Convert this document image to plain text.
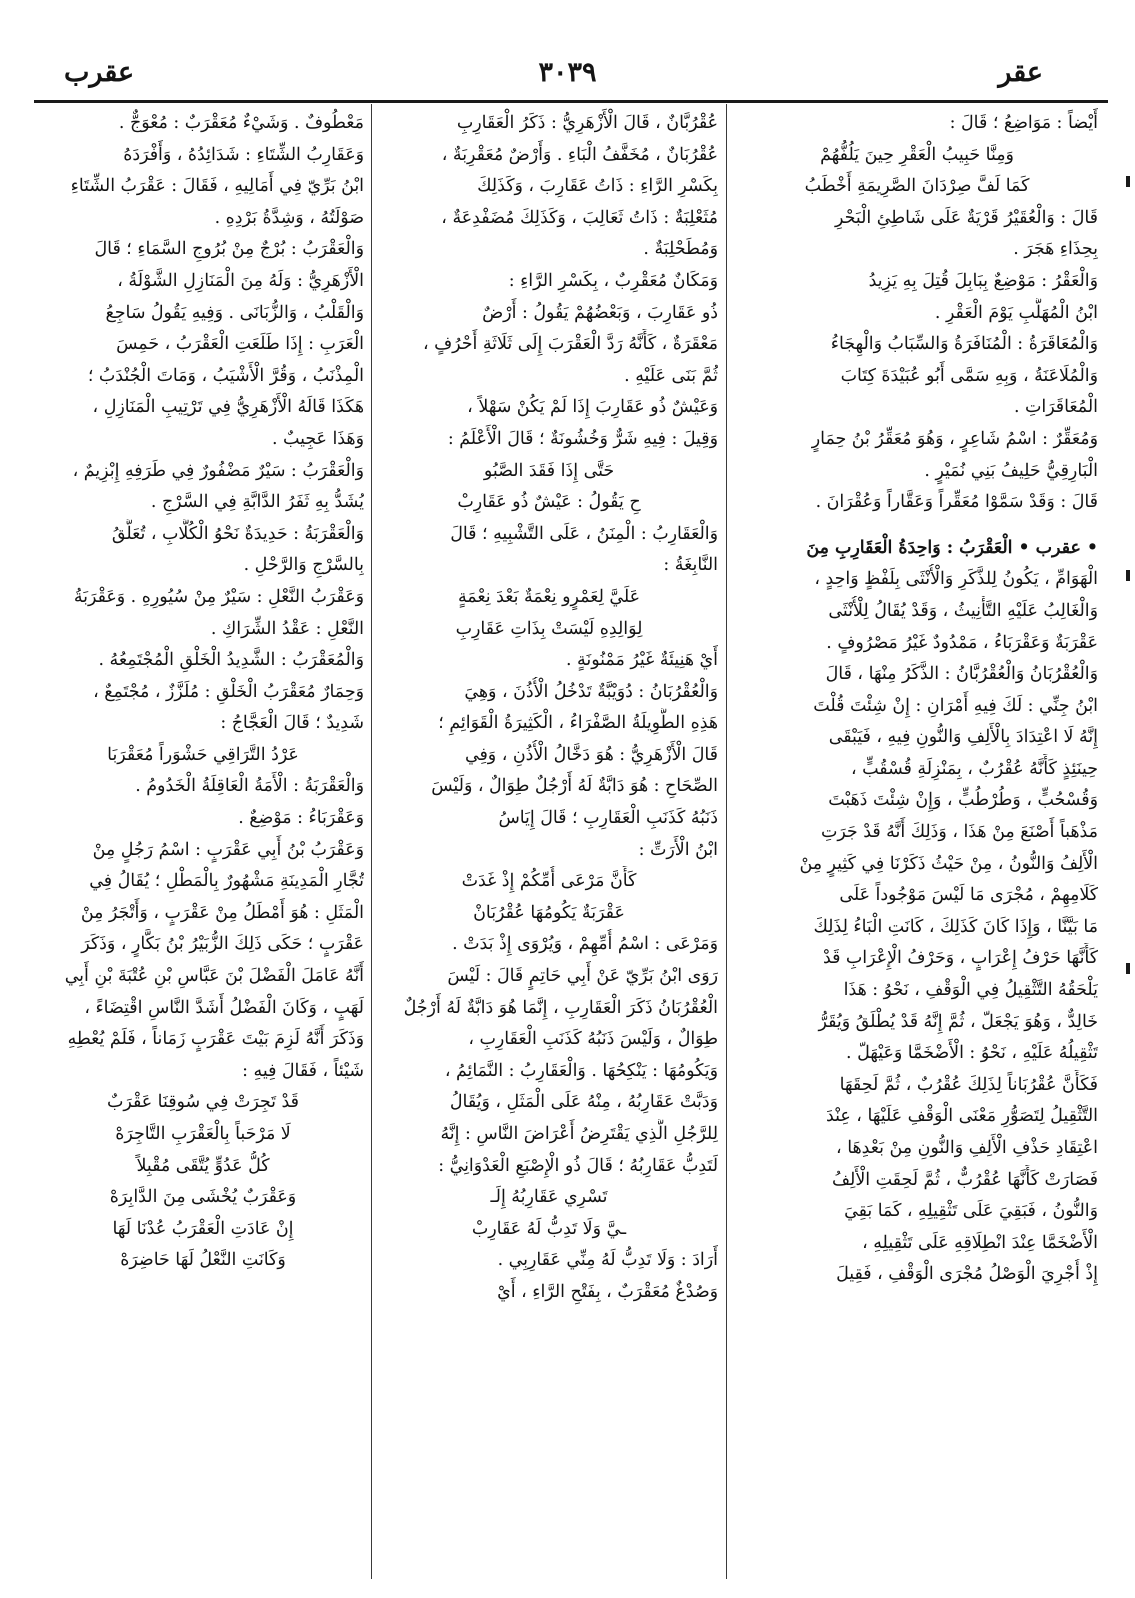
عقر
٣٠٣٩
عقرب
أَيْضاً : مَوَاضِعُ ؛ قَالَ :
وَمِنَّا حَبِيبُ الْعَقْرِ حِينَ يَلُفُّهُمْ
كَمَا لَفَّ صِرْدَانَ الصَّرِيمَةِ أَخْطَبُ
قَالَ : وَالْعُقَيْرُ قَرْيَةٌ عَلَى شَاطِئِ الْبَحْرِ
بِحِذَاءِ هَجَرَ .
وَالْعَقْرُ : مَوْضِعٌ بِبَابِلَ قُتِلَ بِهِ يَزِيدُ
ابْنُ الْمُهَلَّبِ يَوْمَ الْعَقْرِ .
وَالْمُعَاقَرَةُ : الْمُنَافَرَةُ وَالسِّبَابُ وَالْهِجَاءُ
وَالْمُلَاعَنَةُ ، وَبِهِ سَمَّى أَبُو عُبَيْدَةَ كِتَابَ
الْمُعَاقَرَاتِ .
وَمُعَقِّرٌ : اسْمُ شَاعِرٍ ، وَهُوَ مُعَقِّرُ بْنُ حِمَارٍ
الْبَارِقِيُّ حَلِيفُ بَنِي نُمَيْرٍ .
قَالَ : وَقَدْ سَمَّوْا مُعَقِّراً وَعَقَّاراً وَعُقْرَانَ .
• عقرب • الْعَقْرَبُ : وَاحِدَةُ الْعَقَارِبِ مِنَ
الْهَوَامِّ ، يَكُونُ لِلذَّكَرِ وَالْأُنْثَى بِلَفْظٍ وَاحِدٍ ،
وَالْغَالِبُ عَلَيْهِ التَّأْنِيثُ ، وَقَدْ يُقَالُ لِلْأُنْثَى
عَقْرَبَةٌ وَعَقْرَبَاءُ ، مَمْدُودٌ غَيْرُ مَصْرُوفٍ .
وَالْعُقْرُبَانُ وَالْعُقْرُبَّانُ : الذَّكَرُ مِنْهَا ، قَالَ
ابْنُ جِنِّي : لَكَ فِيهِ أَمْرَانِ : إِنْ شِئْتَ قُلْتَ
إِنَّهُ لَا اعْتِدَادَ بِالْأَلِفِ وَالنُّونِ فِيهِ ، فَيَبْقَى
حِينَئِذٍ كَأَنَّهُ عُقْرُبٌ ، بِمَنْزِلَةِ قُسْقُبٍّ ،
وَقُسْحُبٍّ ، وَطُرْطُبٍّ ، وَإِنْ شِئْتَ ذَهَبْتَ
مَذْهَباً أَصْنَعَ مِنْ هَذَا ، وَذَلِكَ أَنَّهُ قَدْ جَرَتِ
الْأَلِفُ وَالنُّونُ ، مِنْ حَيْثُ ذَكَرْنَا فِي كَثِيرٍ مِنْ
كَلَامِهِمْ ، مُجْرَى مَا لَيْسَ مَوْجُوداً عَلَى
مَا بَيَّنَّا ، وَإِذَا كَانَ كَذَلِكَ ، كَانَتِ الْبَاءُ لِذَلِكَ
كَأَنَّهَا حَرْفُ إِعْرَابٍ ، وَحَرْفُ الْإِعْرَابِ قَدْ
يَلْحَقُهُ التَّثْقِيلُ فِي الْوَقْفِ ، نَحْوُ : هَذَا
خَالِدٌّ ، وَهُوَ يَجْعَلّ ، ثُمَّ إِنَّهُ قَدْ يُطْلَقُ وَيُقَرُّ
تَثْقِيلُهُ عَلَيْهِ ، نَحْوُ : الْأَضْخَمَّا وَعَيْهَلّ .
فَكَأَنَّ عُقْرُبَاناً لِذَلِكَ عُقْرُبٌ ، ثُمَّ لَحِقَهَا
التَّثْقِيلُ لِتَصَوُّرِ مَعْنَى الْوَقْفِ عَلَيْهَا ، عِنْدَ
اعْتِقَادِ حَذْفِ الْأَلِفِ وَالنُّونِ مِنْ بَعْدِهَا ،
فَصَارَتْ كَأَنَّهَا عُقْرُبٌّ ، ثُمَّ لَحِقَتِ الْأَلِفُ
وَالنُّونُ ، فَبَقِيَ عَلَى تَثْقِيلِهِ ، كَمَا بَقِيَ
الْأَضْخَمَّا عِنْدَ انْطِلَاقِهِ عَلَى تَثْقِيلِهِ ،
إِذْ أُجْرِيَ الْوَصْلُ مُجْرَى الْوَقْفِ ، فَقِيلَ
عُقْرُبَّانٌ ، قَالَ الْأَزْهَرِيُّ : ذَكَرُ الْعَقَارِبِ
عُقْرُبَانٌ ، مُخَفَّفُ الْبَاءِ . وَأَرْضٌ مُعَقْرِبَةٌ ،
بِكَسْرِ الرَّاءِ : ذَاتُ عَقَارِبَ ، وَكَذَلِكَ
مُثَعْلِبَةٌ : ذَاتُ ثَعَالِبَ ، وَكَذَلِكَ مُضَفْدِعَةٌ ،
وَمُطَحْلِبَةٌ .
وَمَكَانٌ مُعَقْرِبٌ ، بِكَسْرِ الرَّاءِ :
ذُو عَقَارِبَ ، وَبَعْضُهُمْ يَقُولُ : أَرْضٌ
مَعْقَرَةٌ ، كَأَنَّهُ رَدَّ الْعَقْرَبَ إِلَى ثَلَاثَةِ أَحْرُفٍ ،
ثُمَّ بَنَى عَلَيْهِ .
وَعَيْشٌ ذُو عَقَارِبَ إِذَا لَمْ يَكُنْ سَهْلاً ،
وَقِيلَ : فِيهِ شَرٌّ وَخُشُونَةٌ ؛ قَالَ الْأَعْلَمُ :
حَتَّى إِذَا فَقَدَ الصَّبُو
حِ يَقُولُ : عَيْشٌ ذُو عَقَارِبْ
وَالْعَقَارِبُ : الْمِنَنُ ، عَلَى التَّشْبِيهِ ؛ قَالَ
النَّابِغَةُ :
عَلَيَّ لِعَمْرٍو نِعْمَةٌ بَعْدَ نِعْمَةٍ
لِوَالِدِهِ لَيْسَتْ بِذَاتِ عَقَارِبِ
أَيْ هَنِيئَةٌ غَيْرُ مَمْنُونَةٍ .
وَالْعُقْرُبَانُ : دُوَيْبَّةٌ تَدْخُلُ الْأُذُنَ ، وَهِيَ
هَذِهِ الطَّوِيلَةُ الصَّفْرَاءُ ، الْكَثِيرَةُ الْقَوَائِمِ ؛
قَالَ الْأَزْهَرِيُّ : هُوَ دَخَّالُ الْأُذُنِ ، وَفِي
الصِّحَاحِ : هُوَ دَابَّةٌ لَهُ أَرْجُلٌ طِوَالٌ ، وَلَيْسَ
ذَنَبُهُ كَذَنَبِ الْعَقَارِبِ ؛ قَالَ إِيَاسُ
ابْنُ الْأَرَتِّ :
كَأَنَّ مَرْعَى أُمِّكُمْ إِذْ غَدَتْ
عَقْرَبَةٌ يَكُومُهَا عُقْرُبَانْ
وَمَرْعَى : اسْمُ أُمِّهِمْ ، وَيُرْوَى إِذْ بَدَتْ .
رَوَى ابْنُ بَرِّيّ عَنْ أَبِي حَاتِمٍ قَالَ : لَيْسَ
الْعُقْرُبَانُ ذَكَرَ الْعَقَارِبِ ، إِنَّمَا هُوَ دَابَّةٌ لَهُ أَرْجُلٌ
طِوَالٌ ، وَلَيْسَ ذَنَبُهُ كَذَنَبِ الْعَقَارِبِ ،
وَيَكُومُهَا : يَنْكِحُهَا . وَالْعَقَارِبُ : النَّمَائِمُ ،
وَدَبَّتْ عَقَارِبُهُ ، مِنْهُ عَلَى الْمَثَلِ ، وَيُقَالُ
لِلرَّجُلِ الَّذِي يَقْتَرِضُ أَعْرَاضَ النَّاسِ : إِنَّهُ
لَتَدِبُّ عَقَارِبُهُ ؛ قَالَ ذُو الْإِصْبَعِ الْعَدْوَانِيُّ :
تَسْرِي عَقَارِبُهُ إِلَـ
ـيَّ وَلَا تَدِبُّ لَهُ عَقَارِبْ
أَرَادَ : وَلَا تَدِبُّ لَهُ مِنِّي عَقَارِبِي .
وَصُدْغٌ مُعَقْرَبٌ ، بِفَتْحِ الرَّاءِ ، أَيْ
مَعْطُوفٌ . وَشَيْءٌ مُعَقْرَبٌ : مُعْوَجٌّ .
وَعَقَارِبُ الشِّتَاءِ : شَدَائِدُهُ ، وَأَفْرَدَهُ
ابْنُ بَرِّيّ فِي أَمَالِيهِ ، فَقَالَ : عَقْرَبُ الشِّتَاءِ
صَوْلَتُهُ ، وَشِدَّةُ بَرْدِهِ .
وَالْعَقْرَبُ : بُرْجٌ مِنْ بُرُوجِ السَّمَاءِ ؛ قَالَ
الْأَزْهَرِيُّ : وَلَهُ مِنَ الْمَنَازِلِ الشَّوْلَةُ ،
وَالْقَلْبُ ، وَالزُّبَانَى . وَفِيهِ يَقُولُ سَاجِعُ
الْعَرَبِ : إِذَا طَلَعَتِ الْعَقْرَبُ ، حَمِسَ
الْمِذْنَبُ ، وَقُرَّ الْأَشْيَبُ ، وَمَاتَ الْجُنْدَبُ ؛
هَكَذَا قَالَهُ الْأَزْهَرِيُّ فِي تَرْتِيبِ الْمَنَازِلِ ،
وَهَذَا عَجِيبٌ .
وَالْعَقْرَبُ : سَيْرٌ مَضْفُورٌ فِي طَرَفِهِ إِبْزِيمٌ ،
يُشَدُّ بِهِ ثَفَرُ الدَّابَّةِ فِي السَّرْجِ .
وَالْعَقْرَبَةُ : حَدِيدَةٌ نَحْوُ الْكُلَّابِ ، تُعَلَّقُ
بِالسَّرْجِ وَالرَّحْلِ .
وَعَقْرَبُ النَّعْلِ : سَيْرٌ مِنْ سُيُورِهِ . وَعَقْرَبَةُ
النَّعْلِ : عَقْدُ الشِّرَاكِ .
وَالْمُعَقْرَبُ : الشَّدِيدُ الْخَلْقِ الْمُجْتَمِعُهُ .
وَحِمَارٌ مُعَقْرَبُ الْخَلْقِ : مُلَزَّزٌ ، مُجْتَمِعٌ ،
شَدِيدٌ ؛ قَالَ الْعَجَّاجُ :
عَرْدُ التَّرَاقِي حَشْوَراً مُعَقْرَبَا
وَالْعَقْرَبَةُ : الْأَمَةُ الْعَاقِلَةُ الْخَدُومُ .
وَعَقْرَبَاءُ : مَوْضِعٌ .
وَعَقْرَبُ بْنُ أَبِي عَقْرَبٍ : اسْمُ رَجُلٍ مِنْ
تُجَّارِ الْمَدِينَةِ مَشْهُورٌ بِالْمَطْلِ ؛ يُقَالُ فِي
الْمَثَلِ : هُوَ أَمْطَلُ مِنْ عَقْرَبٍ ، وَأَتْجَرُ مِنْ
عَقْرَبٍ ؛ حَكَى ذَلِكَ الزُّبَيْرُ بْنُ بَكَّارٍ ، وَذَكَرَ
أَنَّهُ عَامَلَ الْفَضْلَ بْنَ عَبَّاسِ بْنِ عُتْبَةَ بْنِ أَبِي
لَهَبٍ ، وَكَانَ الْفَضْلُ أَشَدَّ النَّاسِ اقْتِضَاءً ،
وَذَكَرَ أَنَّهُ لَزِمَ بَيْتَ عَقْرَبٍ زَمَاناً ، فَلَمْ يُعْطِهِ
شَيْئاً ، فَقَالَ فِيهِ :
قَدْ تَجِرَتْ فِي سُوقِنَا عَقْرَبٌ
لَا مَرْحَباً بِالْعَقْرَبِ التَّاجِرَهْ
كُلُّ عَدُوٍّ يُتَّقَى مُقْبِلاً
وَعَقْرَبٌ يُخْشَى مِنَ الدَّابِرَهْ
إِنْ عَادَتِ الْعَقْرَبُ عُدْنَا لَهَا
وَكَانَتِ النَّعْلُ لَهَا حَاضِرَهْ
